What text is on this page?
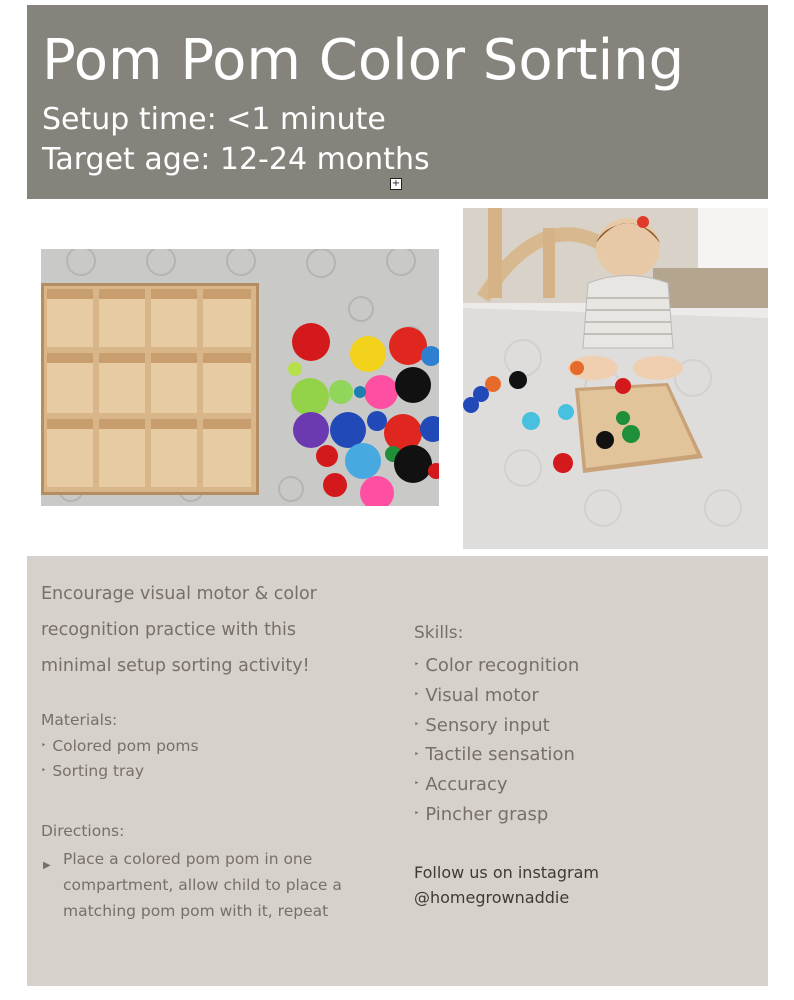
Pom Pom Color Sorting
Setup time: <1 minute
Target age: 12-24 months
+
Encourage visual motor & color
recognition practice with this
minimal setup sorting activity!
Materials:
‣ Colored pom poms
‣ Sorting tray
Directions:
▶ Place a colored pom pom in one
compartment, allow child to place a
matching pom pom with it, repeat
Skills:
‣ Color recognition
‣ Visual motor
‣ Sensory input
‣ Tactile sensation
‣ Accuracy
‣ Pincher grasp
Follow us on instagram
@homegrownaddie
